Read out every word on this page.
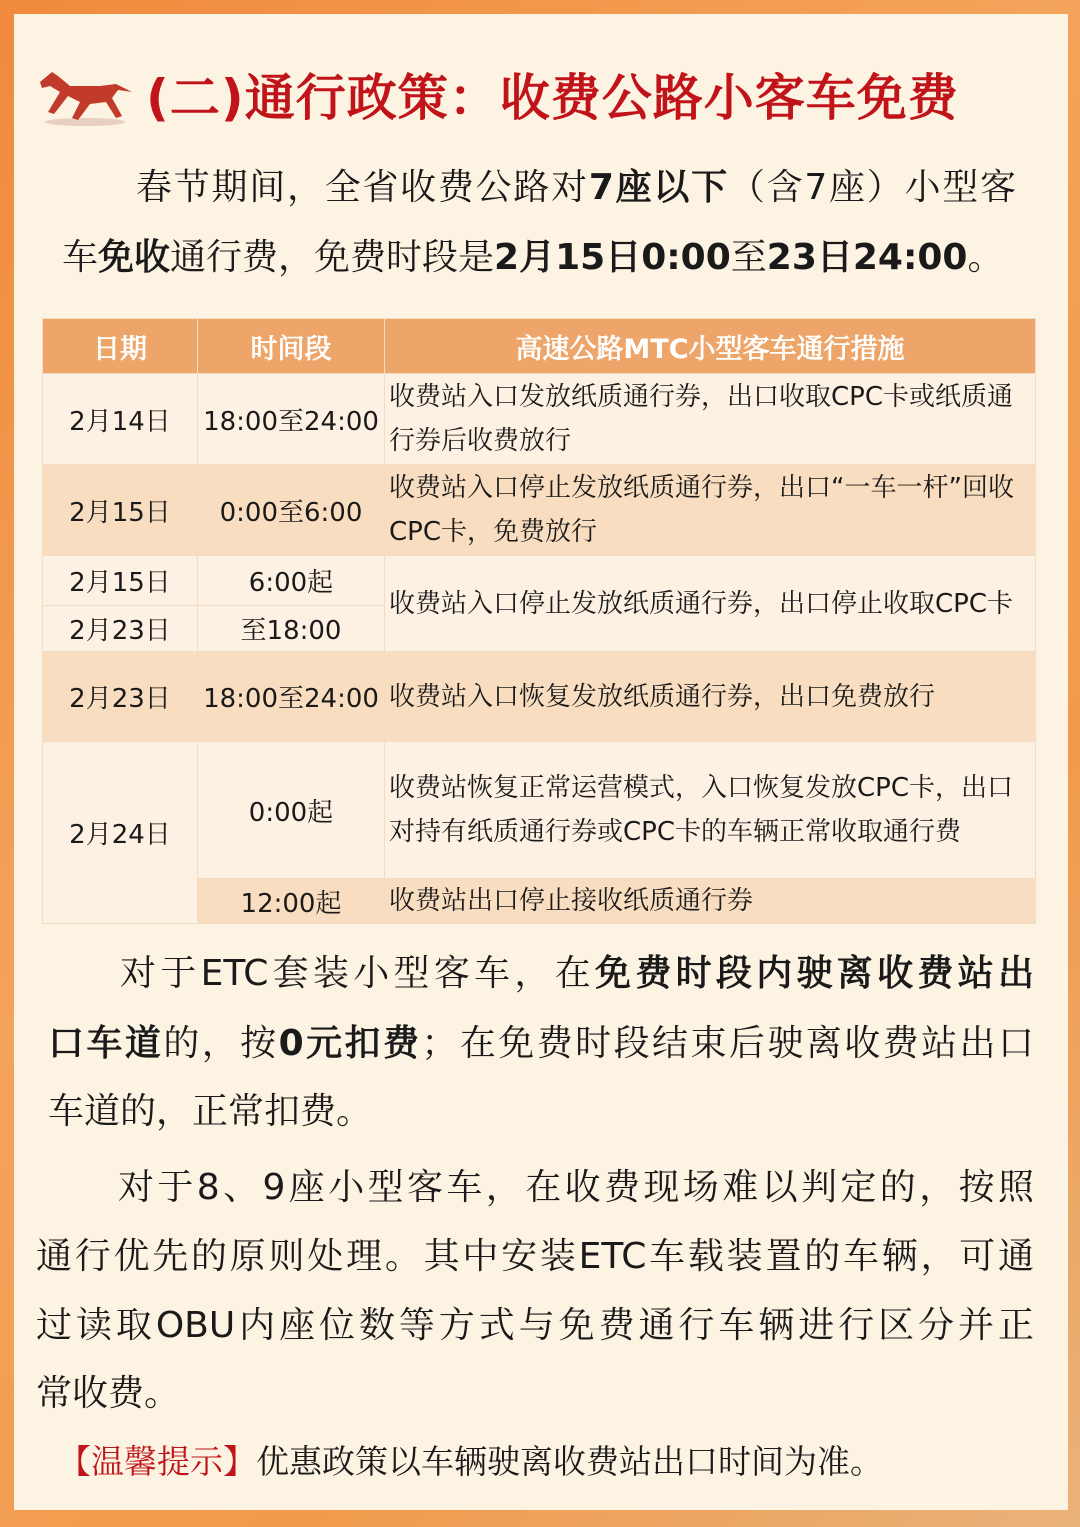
(二)通行政策：收费公路小客车免费
春节期间，全省收费公路对7座以下（含7座）小型客
车免收通行费，免费时段是2月15日0:00至23日24:00。
日期	时间段	高速公路MTC小型客车通行措施
2月14日	18:00至24:00	收费站入口发放纸质通行券，出口收取CPC卡或纸质通行券后收费放行
2月15日	0:00至6:00	收费站入口停止发放纸质通行券，出口“一车一杆”回收CPC卡，免费放行
2月15日	6:00起	收费站入口停止发放纸质通行券，出口停止收取CPC卡
2月23日	至18:00	
2月23日	18:00至24:00	收费站入口恢复发放纸质通行券，出口免费放行
2月24日	0:00起	收费站恢复正常运营模式，入口恢复发放CPC卡，出口对持有纸质通行券或CPC卡的车辆正常收取通行费
	12:00起	收费站出口停止接收纸质通行券
对于ETC套装小型客车，在免费时段内驶离收费站出
口车道的，按0元扣费；在免费时段结束后驶离收费站出口
车道的，正常扣费。
对于8、9座小型客车，在收费现场难以判定的，按照
通行优先的原则处理。其中安装ETC车载装置的车辆，可通
过读取OBU内座位数等方式与免费通行车辆进行区分并正
常收费。
【温馨提示】优惠政策以车辆驶离收费站出口时间为准。
